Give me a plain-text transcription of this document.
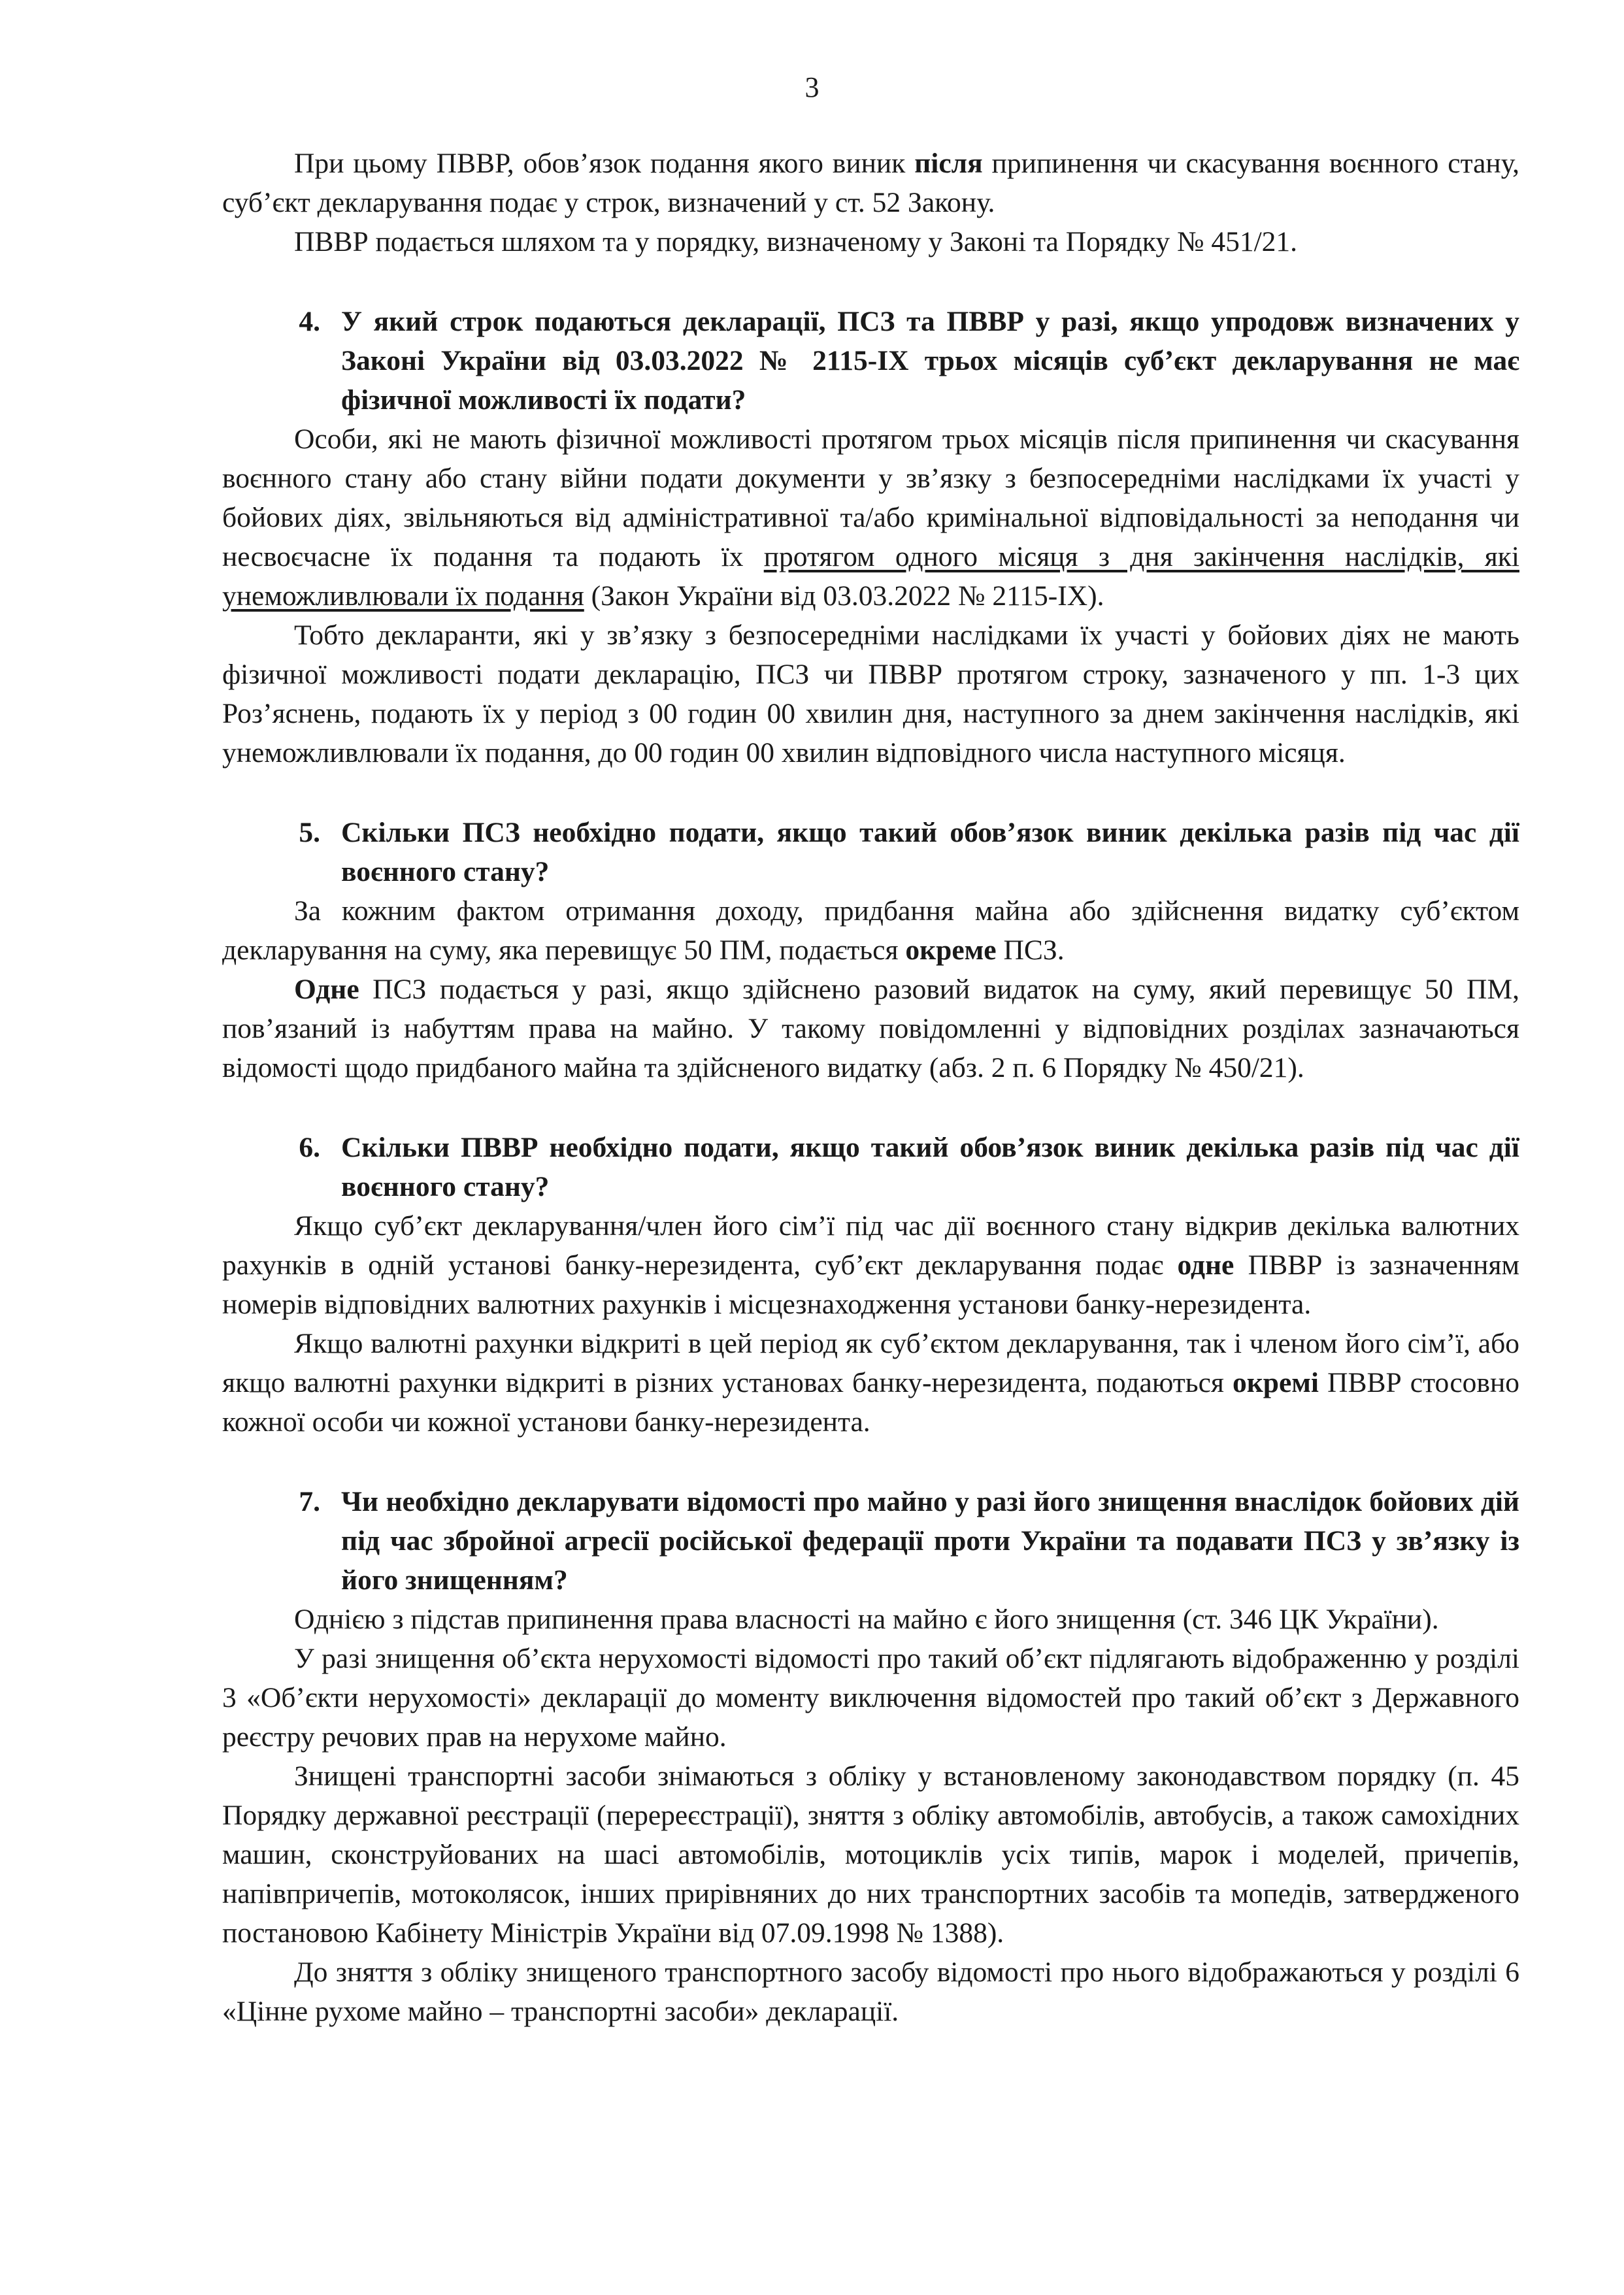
3

При цьому ПВВР, обов’язок подання якого виник після припинення чи скасування воєнного стану, суб’єкт декларування подає у строк, визначений у ст. 52 Закону.

ПВВР подається шляхом та у порядку, визначеному у Законі та Порядку № 451/21.

4. У який строк подаються декларації, ПСЗ та ПВВР у разі, якщо упродовж визначених у Законі України від 03.03.2022 № 2115-IX трьох місяців суб’єкт декларування не має фізичної можливості їх подати?

Особи, які не мають фізичної можливості протягом трьох місяців після припинення чи скасування воєнного стану або стану війни подати документи у зв’язку з безпосередніми наслідками їх участі у бойових діях, звільняються від адміністративної та/або кримінальної відповідальності за неподання чи несвоєчасне їх подання та подають їх протягом одного місяця з дня закінчення наслідків, які унеможливлювали їх подання (Закон України від 03.03.2022 № 2115-IX).

Тобто декларанти, які у зв’язку з безпосередніми наслідками їх участі у бойових діях не мають фізичної можливості подати декларацію, ПСЗ чи ПВВР протягом строку, зазначеного у пп. 1-3 цих Роз’яснень, подають їх у період з 00 годин 00 хвилин дня, наступного за днем закінчення наслідків, які унеможливлювали їх подання, до 00 годин 00 хвилин відповідного числа наступного місяця.

5. Скільки ПСЗ необхідно подати, якщо такий обов’язок виник декілька разів під час дії воєнного стану?

За кожним фактом отримання доходу, придбання майна або здійснення видатку суб’єктом декларування на суму, яка перевищує 50 ПМ, подається окреме ПСЗ.

Одне ПСЗ подається у разі, якщо здійснено разовий видаток на суму, який перевищує 50 ПМ, пов’язаний із набуттям права на майно. У такому повідомленні у відповідних розділах зазначаються відомості щодо придбаного майна та здійсненого видатку (абз. 2 п. 6 Порядку № 450/21).

6. Скільки ПВВР необхідно подати, якщо такий обов’язок виник декілька разів під час дії воєнного стану?

Якщо суб’єкт декларування/член його сім’ї під час дії воєнного стану відкрив декілька валютних рахунків в одній установі банку-нерезидента, суб’єкт декларування подає одне ПВВР із зазначенням номерів відповідних валютних рахунків і місцезнаходження установи банку-нерезидента.

Якщо валютні рахунки відкриті в цей період як суб’єктом декларування, так і членом його сім’ї, або якщо валютні рахунки відкриті в різних установах банку-нерезидента, подаються окремі ПВВР стосовно кожної особи чи кожної установи банку-нерезидента.

7. Чи необхідно декларувати відомості про майно у разі його знищення внаслідок бойових дій під час збройної агресії російської федерації проти України та подавати ПСЗ у зв’язку із його знищенням?

Однією з підстав припинення права власності на майно є його знищення (ст. 346 ЦК України).

У разі знищення об’єкта нерухомості відомості про такий об’єкт підлягають відображенню у розділі 3 «Об’єкти нерухомості» декларації до моменту виключення відомостей про такий об’єкт з Державного реєстру речових прав на нерухоме майно.

Знищені транспортні засоби знімаються з обліку у встановленому законодавством порядку (п. 45 Порядку державної реєстрації (перереєстрації), зняття з обліку автомобілів, автобусів, а також самохідних машин, сконструйованих на шасі автомобілів, мотоциклів усіх типів, марок і моделей, причепів, напівпричепів, мотоколясок, інших прирівняних до них транспортних засобів та мопедів, затвердженого постановою Кабінету Міністрів України від 07.09.1998 № 1388).

До зняття з обліку знищеного транспортного засобу відомості про нього відображаються у розділі 6 «Цінне рухоме майно – транспортні засоби» декларації.
